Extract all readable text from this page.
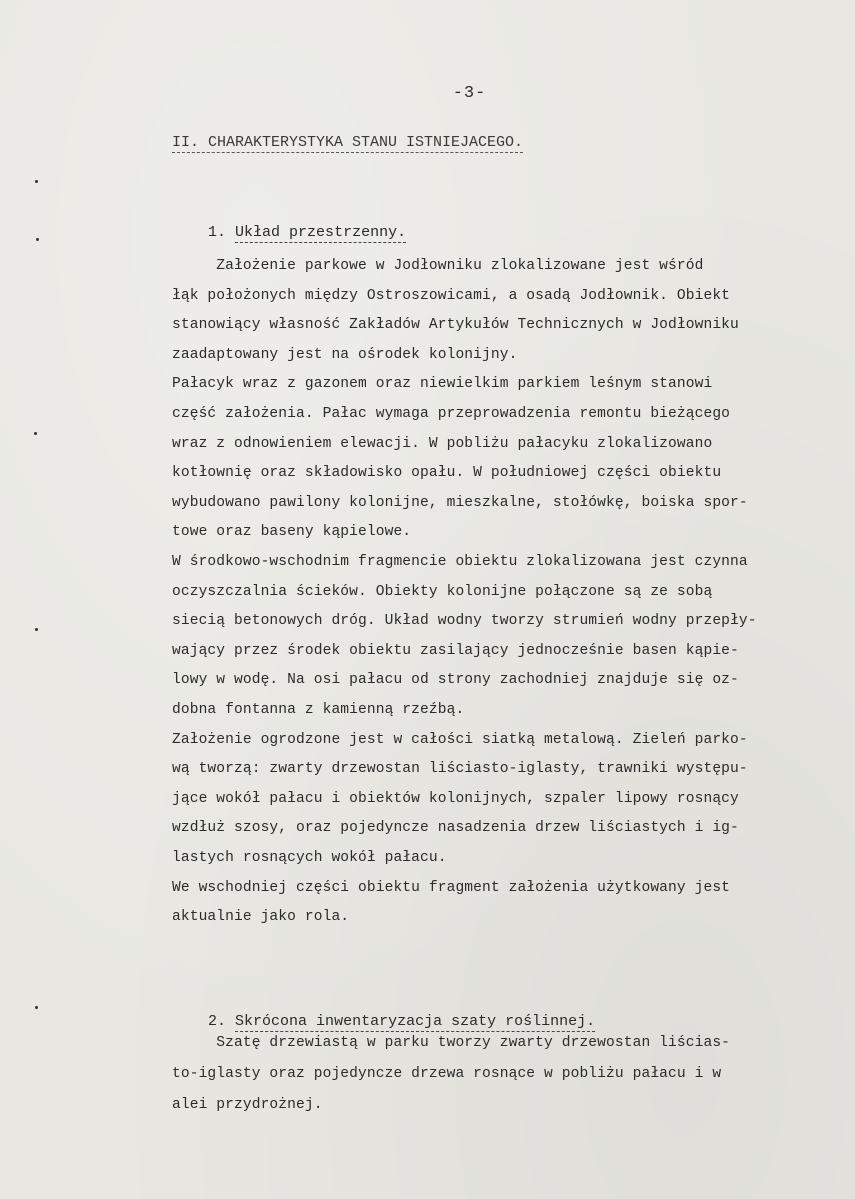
-3-
II. CHARAKTERYSTYKA STANU ISTNIEJACEGO.

1. Układ przestrzenny.

Założenie parkowe w Jodłowniku zlokalizowane jest wśród
łąk położonych między Ostroszowicami, a osadą Jodłownik. Obiekt
stanowiący własność Zakładów Artykułów Technicznych w Jodłowniku
zaadaptowany jest na ośrodek kolonijny.
Pałacyk wraz z gazonem oraz niewielkim parkiem leśnym stanowi
część założenia. Pałac wymaga przeprowadzenia remontu bieżącego
wraz z odnowieniem elewacji. W pobliżu pałacyku zlokalizowano
kotłownię oraz składowisko opału. W południowej części obiektu
wybudowano pawilony kolonijne, mieszkalne, stołówkę, boiska spor-
towe oraz baseny kąpielowe.
W środkowo-wschodnim fragmencie obiektu zlokalizowana jest czynna
oczyszczalnia ścieków. Obiekty kolonijne połączone są ze sobą
siecią betonowych dróg. Układ wodny tworzy strumień wodny przepły-
wający przez środek obiektu zasilający jednocześnie basen kąpie-
lowy w wodę. Na osi pałacu od strony zachodniej znajduje się oz-
dobna fontanna z kamienną rzeźbą.
Założenie ogrodzone jest w całości siatką metalową. Zieleń parko-
wą tworzą: zwarty drzewostan liściasto-iglasty, trawniki występu-
jące wokół pałacu i obiektów kolonijnych, szpaler lipowy rosnący
wzdłuż szosy, oraz pojedyncze nasadzenia drzew liściastych i ig-
lastych rosnących wokół pałacu.
We wschodniej części obiektu fragment założenia użytkowany jest
aktualnie jako rola.

2. Skrócona inwentaryzacja szaty roślinnej.

Szatę drzewiastą w parku tworzy zwarty drzewostan liścias-
to-iglasty oraz pojedyncze drzewa rosnące w pobliżu pałacu i w
alei przydrożnej.
